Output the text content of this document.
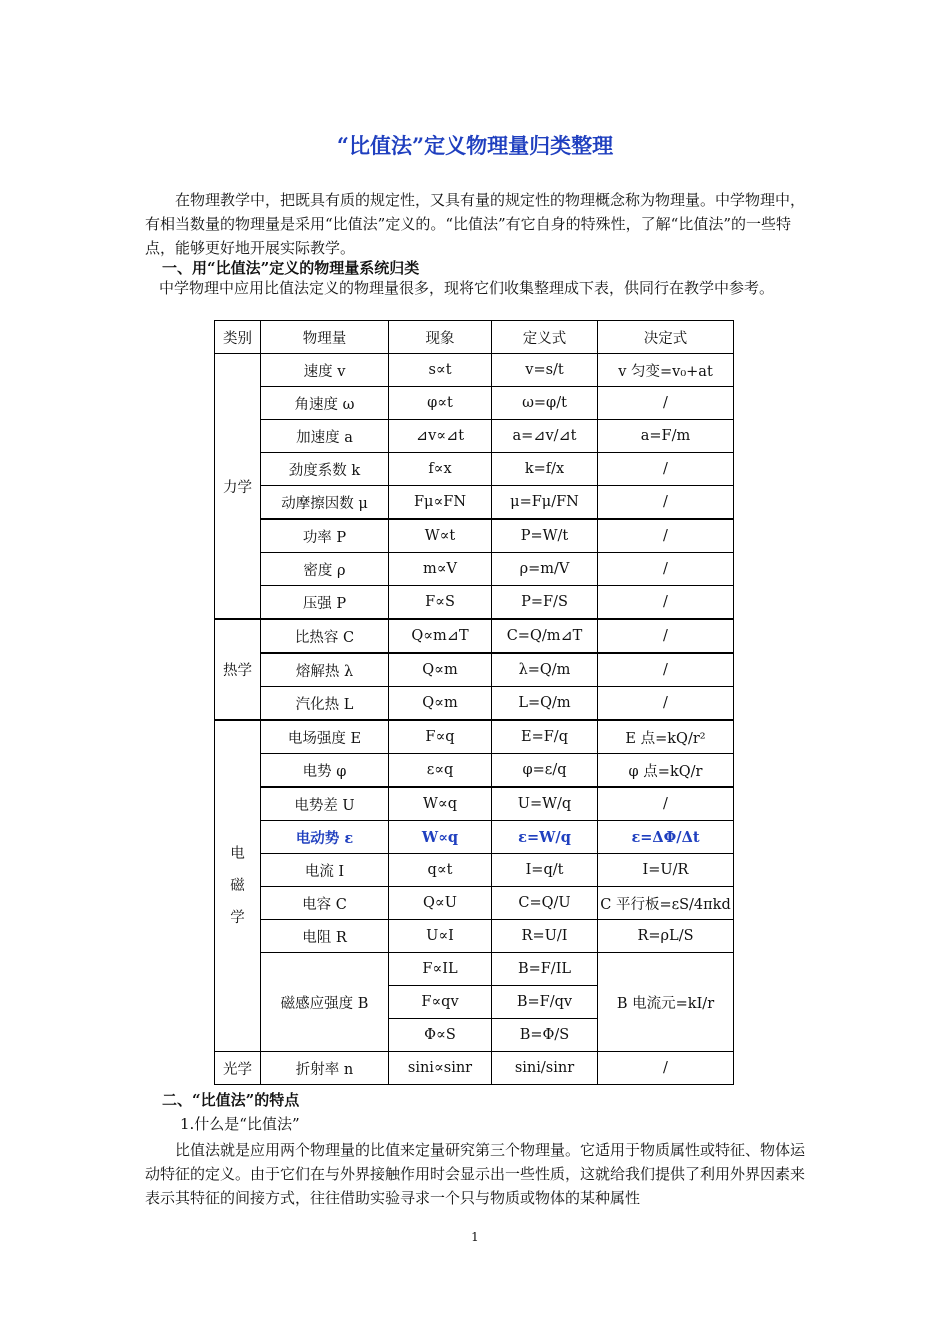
“比值法”定义物理量归类整理

在物理教学中，把既具有质的规定性，又具有量的规定性的物理概念称为物理量。中学物理中，有相当数量的物理量是采用“比值法”定义的。“比值法”有它自身的特殊性，了解“比值法”的一些特点，能够更好地开展实际教学。

一、用“比值法”定义的物理量系统归类

中学物理中应用比值法定义的物理量很多，现将它们收集整理成下表，供同行在教学中参考。

类别	物理量	现象	定义式	决定式
力学	速度 v	s∝t	v=s/t	v 匀变=v₀+at
	角速度 ω	φ∝t	ω=φ/t	/
	加速度 a	⊿v∝⊿t	a=⊿v/⊿t	a=F/m
	劲度系数 k	f∝x	k=f/x	/
	动摩擦因数 μ	Fμ∝FN	μ=Fμ/FN	/
	功率 P	W∝t	P=W/t	/
	密度 ρ	m∝V	ρ=m/V	/
	压强 P	F∝S	P=F/S	/
热学	比热容 C	Q∝m⊿T	C=Q/m⊿T	/
	熔解热 λ	Q∝m	λ=Q/m	/
	汽化热 L	Q∝m	L=Q/m	/

电
磁
学	电场强度 E	F∝q	E=F/q	E 点=kQ/r²
	电势 φ	ε∝q	φ=ε/q	φ 点=kQ/r
	电势差 U	W∝q	U=W/q	/
	电动势 ε	W∝q	ε=W/q	ε=ΔΦ/Δt
	电流 I	q∝t	I=q/t	I=U/R
	电容 C	Q∝U	C=Q/U	C 平行板=εS/4πkd
	电阻 R	U∝I	R=U/I	R=ρL/S
	磁感应强度 B	F∝IL	B=F/IL	B 电流元=kI/r
		F∝qv	B=F/qv	
		Φ∝S	B=Φ/S	
光学	折射率 n	sini∝sinr	sini/sinr	/
二、“比值法”的特点
1.什么是“比值法”

比值法就是应用两个物理量的比值来定量研究第三个物理量。它适用于物质属性或特征、物体运动特征的定义。由于它们在与外界接触作用时会显示出一些性质，这就给我们提供了利用外界因素来表示其特征的间接方式，往往借助实验寻求一个只与物质或物体的某种属性

1
